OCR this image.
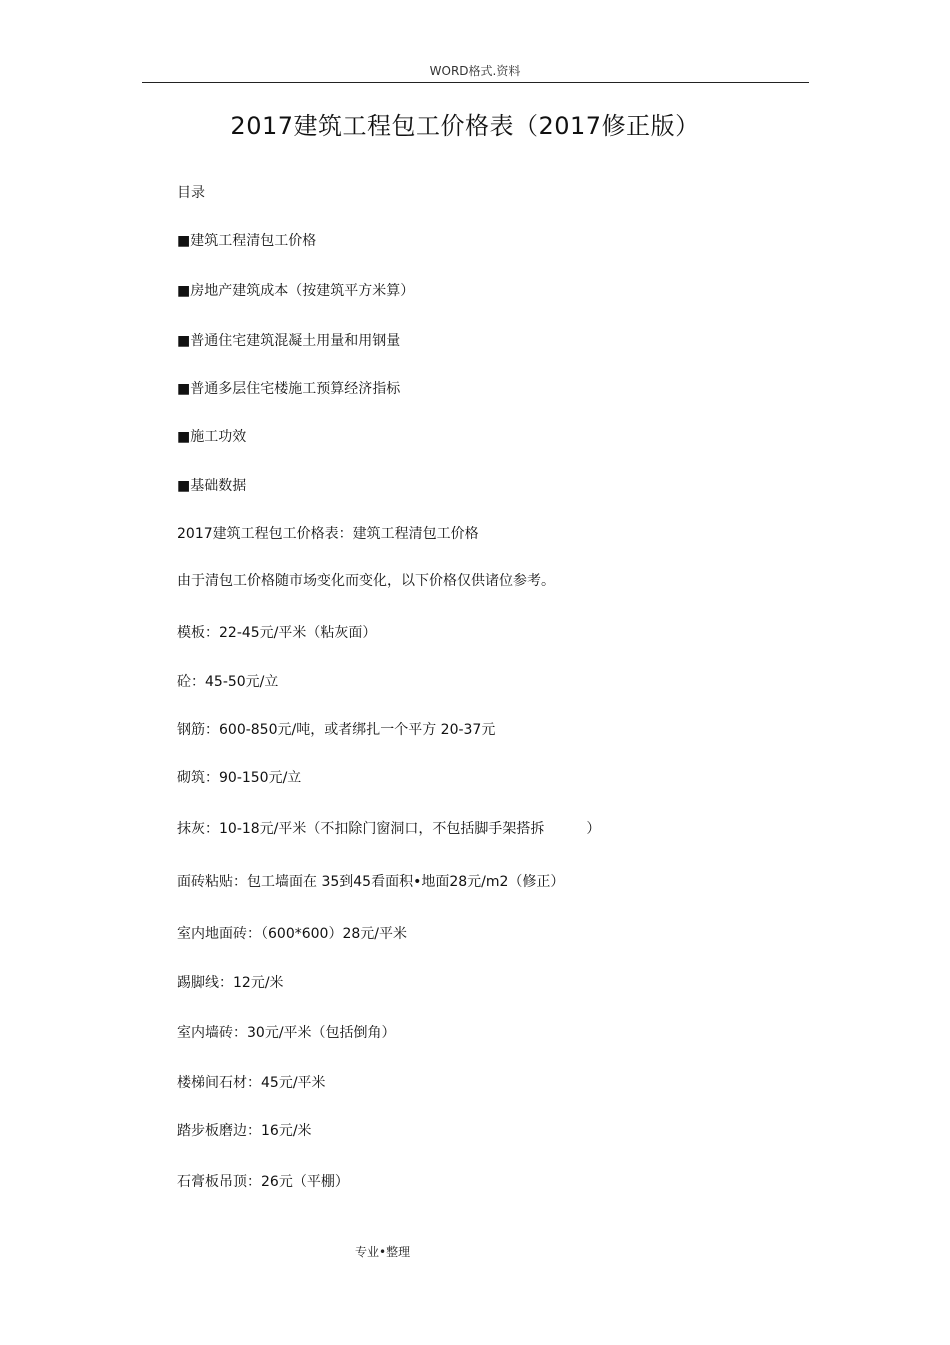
WORD格式.资料
2017建筑工程包工价格表（2017修正版）
目录
■建筑工程清包工价格
■房地产建筑成本（按建筑平方米算）
■普通住宅建筑混凝土用量和用钢量
■普通多层住宅楼施工预算经济指标
■施工功效
■基础数据
2017建筑工程包工价格表：建筑工程清包工价格
由于清包工价格随市场变化而变化，以下价格仅供诸位参考。
模板：22-45元/平米（粘灰面）
砼：45-50元/立
钢筋：600-850元/吨，或者绑扎一个平方 20-37元
砌筑：90-150元/立
抹灰：10-18元/平米（不扣除门窗洞口，不包括脚手架搭拆　　　）
面砖粘贴：包工墙面在 35到45看面积•地面28元/m2（修正）
室内地面砖：（600*600）28元/平米
踢脚线：12元/米
室内墙砖：30元/平米（包括倒角）
楼梯间石材：45元/平米
踏步板磨边：16元/米
石膏板吊顶：26元（平棚）
专业•整理
